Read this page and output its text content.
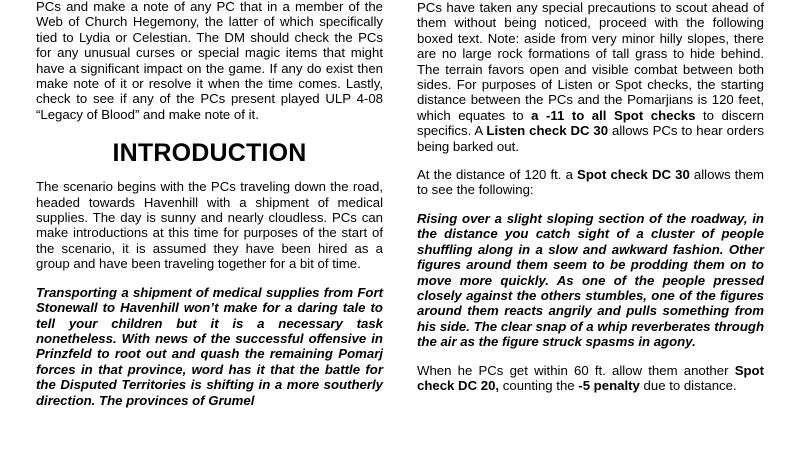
PCs and make a note of any PC that in a member of the Web of Church Hegemony, the latter of which specifically tied to Lydia or Celestian. The DM should check the PCs for any unusual curses or special magic items that might have a significant impact on the game. If any do exist then make note of it or resolve it when the time comes. Lastly, check to see if any of the PCs present played ULP 4-08 “Legacy of Blood” and make note of it.

INTRODUCTION

The scenario begins with the PCs traveling down the road, headed towards Havenhill with a shipment of medical supplies. The day is sunny and nearly cloudless. PCs can make introductions at this time for purposes of the start of the scenario, it is assumed they have been hired as a group and have been traveling together for a bit of time.

Transporting a shipment of medical supplies from Fort Stonewall to Havenhill won’t make for a daring tale to tell your children but it is a necessary task nonetheless. With news of the successful offensive in Prinzfeld to root out and quash the remaining Pomarj forces in that province, word has it that the battle for the Disputed Territories is shifting in a more southerly direction. The provinces of Grumel

PCs have taken any special precautions to scout ahead of them without being noticed, proceed with the following boxed text. Note: aside from very minor hilly slopes, there are no large rock formations of tall grass to hide behind. The terrain favors open and visible combat between both sides. For purposes of Listen or Spot checks, the starting distance between the PCs and the Pomarjians is 120 feet, which equates to a -11 to all Spot checks to discern specifics. A Listen check DC 30 allows PCs to hear orders being barked out.

At the distance of 120 ft. a Spot check DC 30 allows them to see the following:

Rising over a slight sloping section of the roadway, in the distance you catch sight of a cluster of people shuffling along in a slow and awkward fashion. Other figures around them seem to be prodding them on to move more quickly. As one of the people pressed closely against the others stumbles, one of the figures around them reacts angrily and pulls something from his side. The clear snap of a whip reverberates through the air as the figure struck spasms in agony.

When he PCs get within 60 ft. allow them another Spot check DC 20, counting the -5 penalty due to distance.
